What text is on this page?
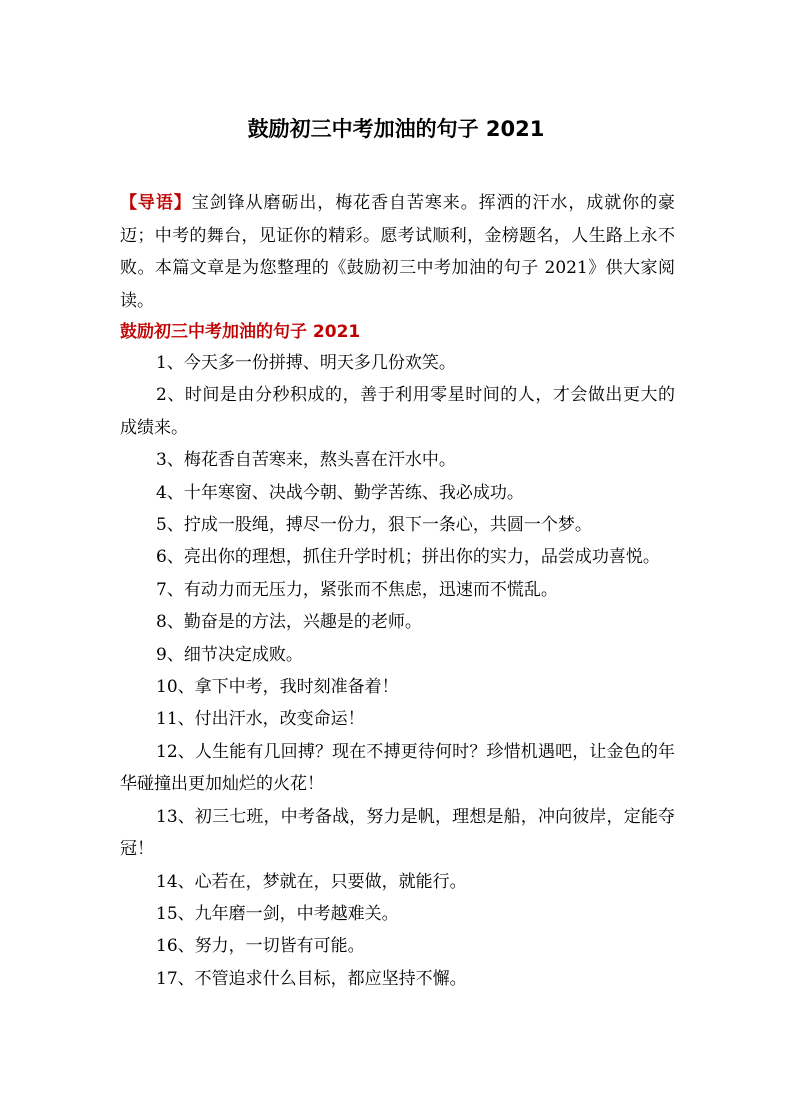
鼓励初三中考加油的句子 2021
【导语】宝剑锋从磨砺出，梅花香自苦寒来。挥洒的汗水，成就你的豪迈；中考的舞台，见证你的精彩。愿考试顺利，金榜题名，人生路上永不败。本篇文章是为您整理的《鼓励初三中考加油的句子 2021》供大家阅读。
鼓励初三中考加油的句子 2021

1、今天多一份拼搏、明天多几份欢笑。

2、时间是由分秒积成的，善于利用零星时间的人，才会做出更大的成绩来。

3、梅花香自苦寒来，熬头喜在汗水中。

4、十年寒窗、决战今朝、勤学苦练、我必成功。

5、拧成一股绳，搏尽一份力，狠下一条心，共圆一个梦。

6、亮出你的理想，抓住升学时机；拼出你的实力，品尝成功喜悦。

7、有动力而无压力，紧张而不焦虑，迅速而不慌乱。

8、勤奋是的方法，兴趣是的老师。

9、细节决定成败。

10、拿下中考，我时刻准备着！

11、付出汗水，改变命运！

12、人生能有几回搏？现在不搏更待何时？珍惜机遇吧，让金色的年华碰撞出更加灿烂的火花！

13、初三七班，中考备战，努力是帆，理想是船，冲向彼岸，定能夺冠！

14、心若在，梦就在，只要做，就能行。

15、九年磨一剑，中考越难关。

16、努力，一切皆有可能。

17、不管追求什么目标，都应坚持不懈。
